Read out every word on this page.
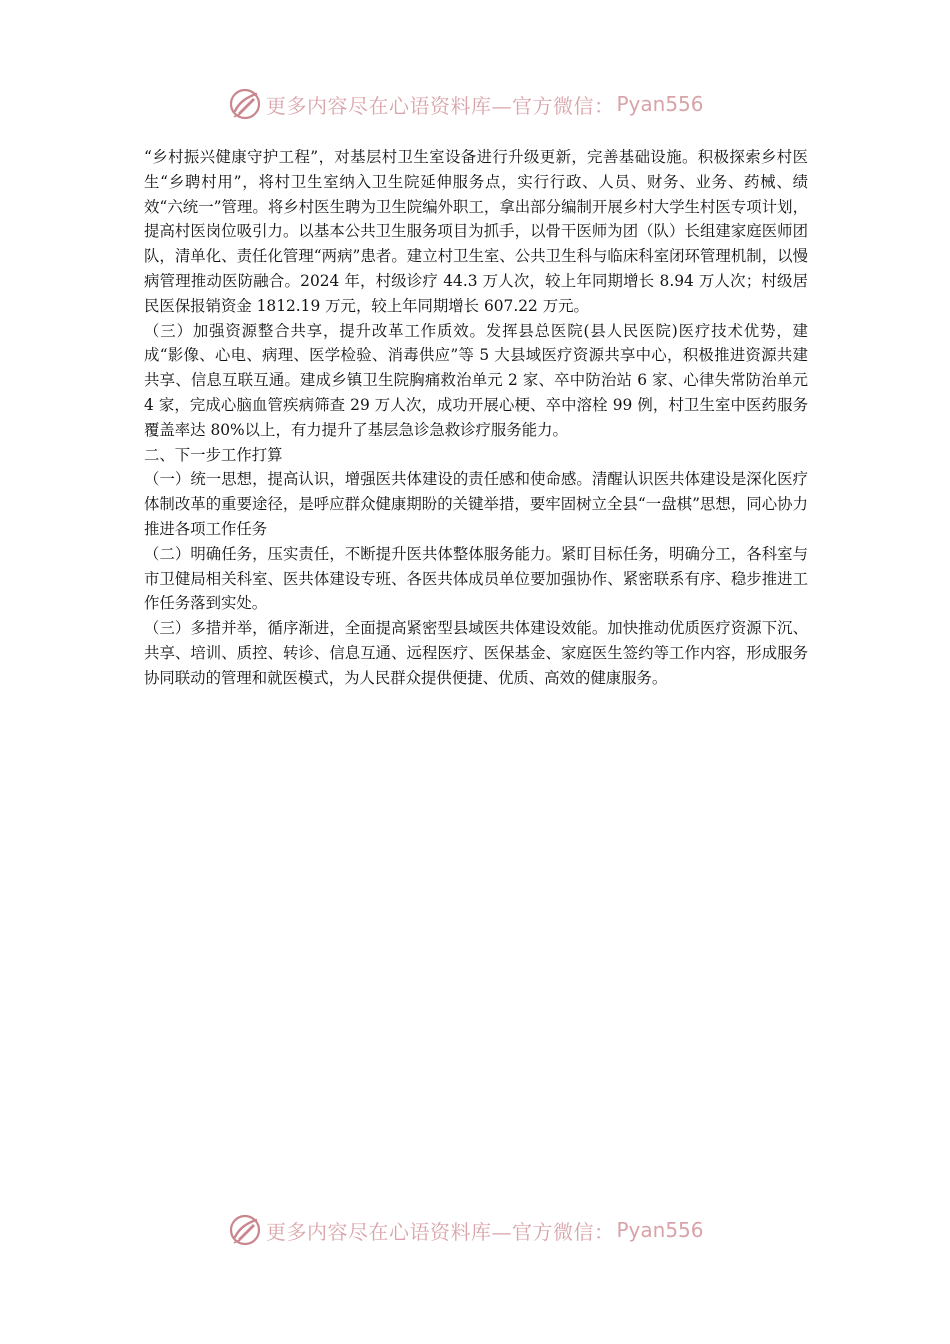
更多内容尽在心语资料库—官方微信： Pyan556

“乡村振兴健康守护工程”，对基层村卫生室设备进行升级更新，完善基础设施。积极探索乡村医生“乡聘村用”，将村卫生室纳入卫生院延伸服务点，实行行政、人员、财务、业务、药械、绩效“六统一”管理。将乡村医生聘为卫生院编外职工，拿出部分编制开展乡村大学生村医专项计划，提高村医岗位吸引力。以基本公共卫生服务项目为抓手，以骨干医师为团（队）长组建家庭医师团队，清单化、责任化管理“两病”患者。建立村卫生室、公共卫生科与临床科室闭环管理机制，以慢病管理推动医防融合。2024 年，村级诊疗 44.3 万人次，较上年同期增长 8.94 万人次；村级居民医保报销资金 1812.19 万元，较上年同期增长 607.22 万元。

（三）加强资源整合共享，提升改革工作质效。发挥县总医院(县人民医院)医疗技术优势，建成“影像、心电、病理、医学检验、消毒供应”等 5 大县域医疗资源共享中心，积极推进资源共建共享、信息互联互通。建成乡镇卫生院胸痛救治单元 2 家、卒中防治站 6 家、心律失常防治单元 4 家，完成心脑血管疾病筛查 29 万人次，成功开展心梗、卒中溶栓 99 例，村卫生室中医药服务覆盖率达 80%以上，有力提升了基层急诊急救诊疗服务能力。

二、下一步工作打算

（一）统一思想，提高认识，增强医共体建设的责任感和使命感。清醒认识医共体建设是深化医疗体制改革的重要途径，是呼应群众健康期盼的关键举措，要牢固树立全县“一盘棋”思想，同心协力推进各项工作任务

（二）明确任务，压实责任，不断提升医共体整体服务能力。紧盯目标任务，明确分工，各科室与市卫健局相关科室、医共体建设专班、各医共体成员单位要加强协作、紧密联系有序、稳步推进工作任务落到实处。

（三）多措并举，循序渐进，全面提高紧密型县域医共体建设效能。加快推动优质医疗资源下沉、共享、培训、质控、转诊、信息互通、远程医疗、医保基金、家庭医生签约等工作内容，形成服务协同联动的管理和就医模式，为人民群众提供便捷、优质、高效的健康服务。

更多内容尽在心语资料库—官方微信： Pyan556
